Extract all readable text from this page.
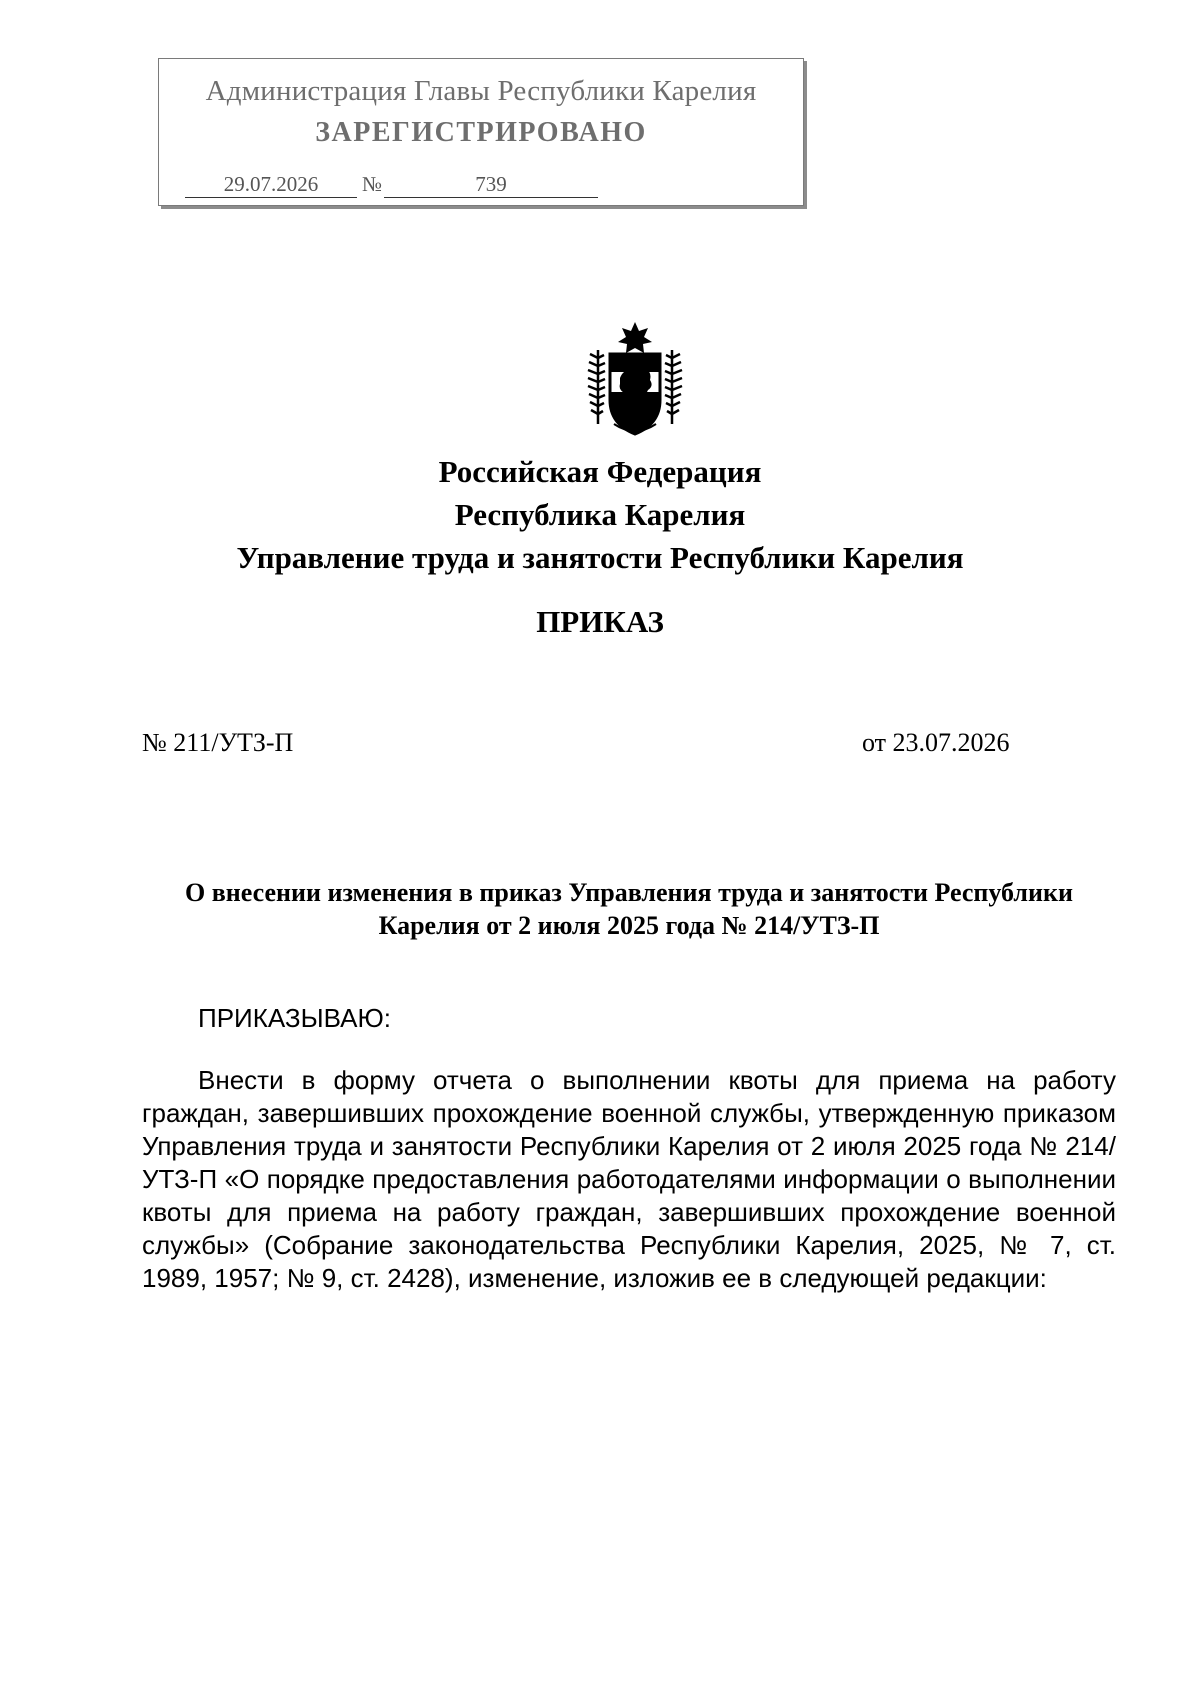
Администрация Главы Республики Карелия
ЗАРЕГИСТРИРОВАНО
29.07.2026	№	739
Российская Федерация
Республика Карелия
Управление труда и занятости Республики Карелия
ПРИКАЗ
№ 211/УТЗ-П	от 23.07.2026
О внесении изменения в приказ Управления труда и занятости Республики Карелия от 2 июля 2025 года № 214/УТЗ-П
ПРИКАЗЫВАЮ:
Внести в форму отчета о выполнении квоты для приема на работу граждан, завершивших прохождение военной службы, утвержденную приказом Управления труда и занятости Республики Карелия от 2 июля 2025 года № 214/УТЗ-П «О порядке предоставления работодателями информации о выполнении квоты для приема на работу граждан, завершивших прохождение военной службы» (Собрание законодательства Республики Карелия, 2025, № 7, ст. 1989, 1957; № 9, ст. 2428), изменение, изложив ее в следующей редакции:
